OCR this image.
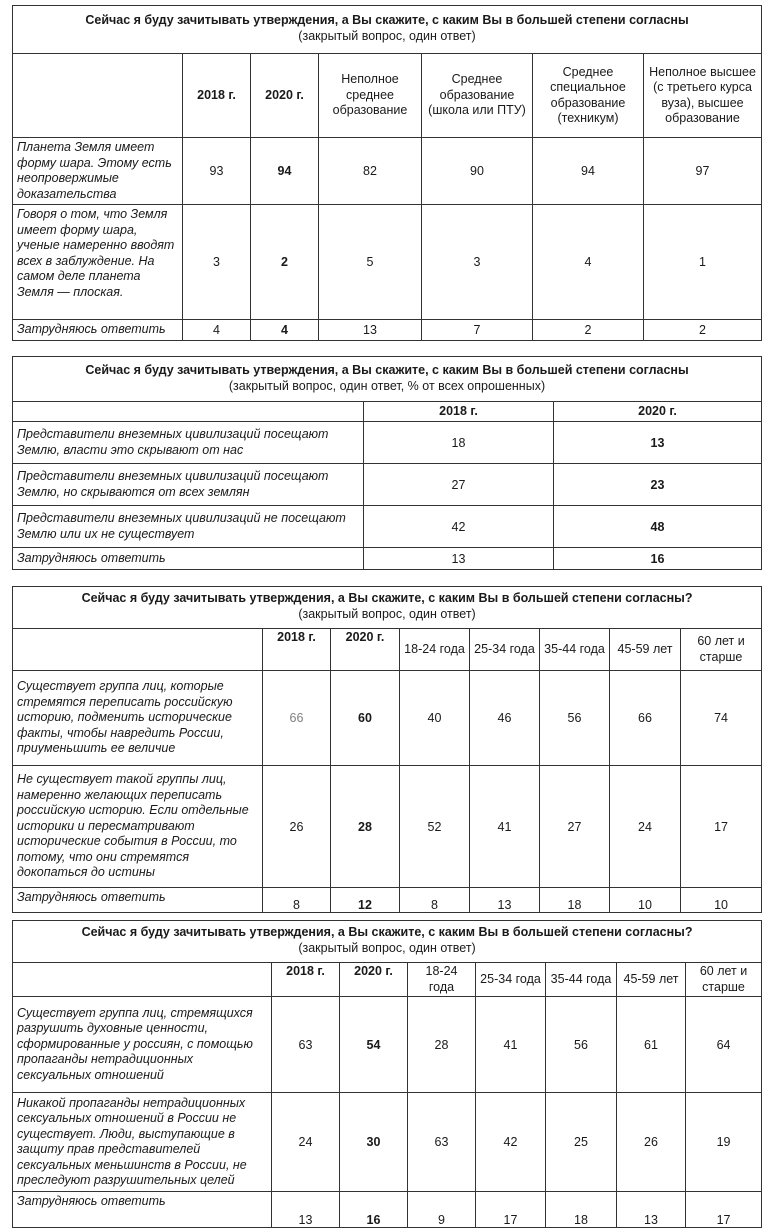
Сейчас я буду зачитывать утверждения, а Вы скажите, с каким Вы в большей степени согласны
(закрытый вопрос, один ответ)						

	2018 г.	2020 г.	Неполное среднее образование	Среднее образование (школа или ПТУ)	Среднее специальное образование (техникум)	Неполное высшее (с третьего курса вуза), высшее образование
Планета Земля имеет форму шара. Этому есть неопровержимые доказательства	93	94	82	90	94	97
Говоря о том, что Земля имеет форму шара, ученые намеренно вводят всех в заблуждение. На самом деле планета Земля — плоская.	3	2	5	3	4	1
Затрудняюсь ответить	4	4	13	7	2	2
Сейчас я буду зачитывать утверждения, а Вы скажите, с каким Вы в большей степени согласны
(закрытый вопрос, один ответ, % от всех опрошенных)		

	2018 г.	2020 г.
Представители внеземных цивилизаций посещают Землю, власти это скрывают от нас	18	13
Представители внеземных цивилизаций посещают Землю, но скрываются от всех землян	27	23
Представители внеземных цивилизаций не посещают Землю или их не существует	42	48
Затрудняюсь ответить	13	16
Сейчас я буду зачитывать утверждения, а Вы скажите, с каким Вы в большей степени согласны?
(закрытый вопрос, один ответ)							

	2018 г.	2020 г.	18-24 года	25-34 года	35-44 года	45-59 лет	60 лет и старше
Существует группа лиц, которые стремятся переписать российскую историю, подменить исторические факты, чтобы навредить России, приуменьшить ее величие	66	60	40	46	56	66	74
Не существует такой группы лиц, намеренно желающих переписать российскую историю. Если отдельные историки и пересматривают исторические события в России, то потому, что они стремятся докопаться до истины	26	28	52	41	27	24	17
Затрудняюсь ответить	8	12	8	13	18	10	10
Сейчас я буду зачитывать утверждения, а Вы скажите, с каким Вы в большей степени согласны?
(закрытый вопрос, один ответ)							

	2018 г.	2020 г.	18-24 года	25-34 года	35-44 года	45-59 лет	60 лет и старше
Существует группа лиц, стремящихся разрушить духовные ценности, сформированные у россиян, с помощью пропаганды нетрадиционных сексуальных отношений	63	54	28	41	56	61	64
Никакой пропаганды нетрадиционных сексуальных отношений в России не существует. Люди, выступающие в защиту прав представителей сексуальных меньшинств в России, не преследуют разрушительных целей	24	30	63	42	25	26	19
Затрудняюсь ответить	13	16	9	17	18	13	17
